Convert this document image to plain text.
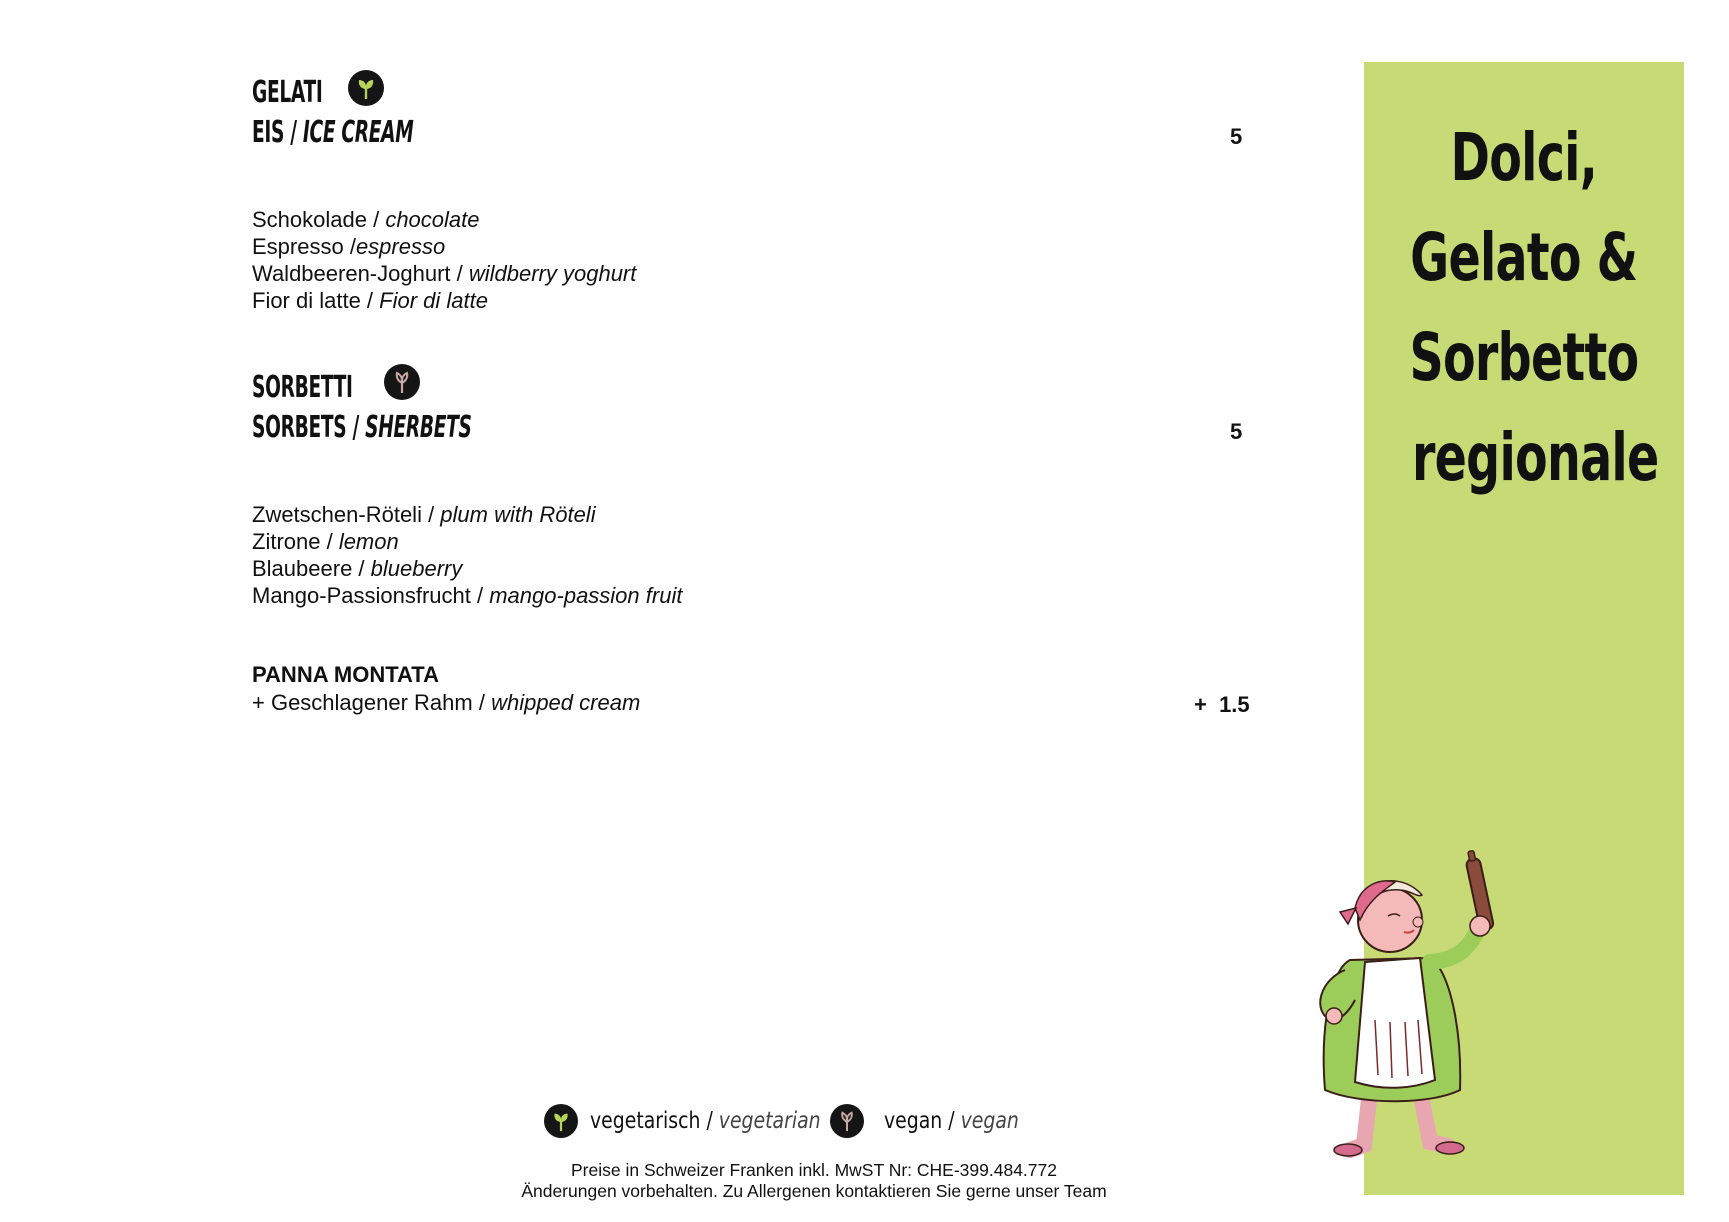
GELATI
EIS / ICE CREAM	5
Schokolade / chocolate
Espresso /espresso
Waldbeeren-Joghurt / wildberry yoghurt
Fior di latte / Fior di latte
SORBETTI
SORBETS / SHERBETS	5
Zwetschen-Röteli / plum with Röteli
Zitrone / lemon
Blaubeere / blueberry
Mango-Passionsfrucht / mango-passion fruit
PANNA MONTATA
+ Geschlagener Rahm / whipped cream	+  1.5
Dolci,
Gelato &
Sorbetto
regionale
vegetarisch / vegetarian	vegan / vegan
Preise in Schweizer Franken inkl. MwST Nr: CHE-399.484.772
Änderungen vorbehalten. Zu Allergenen kontaktieren Sie gerne unser Team
